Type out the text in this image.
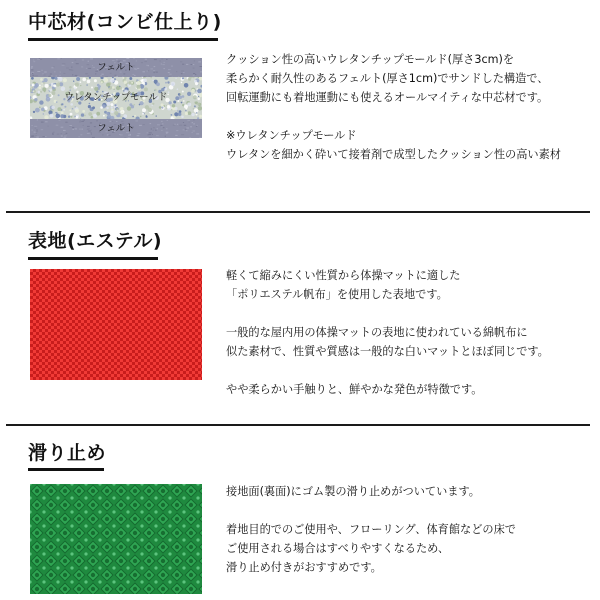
中芯材(コンビ仕上り)
フェルト
ウレタンチップモールド
フェルト

クッション性の高いウレタンチップモールド(厚さ3cm)を

柔らかく耐久性のあるフェルト(厚さ1cm)でサンドした構造で、

回転運動にも着地運動にも使えるオールマイティな中芯材です。

※ウレタンチップモールド

ウレタンを細かく砕いて接着剤で成型したクッション性の高い素材

表地(エステル)

軽くて縮みにくい性質から体操マットに適した

「ポリエステル帆布」を使用した表地です。

一般的な屋内用の体操マットの表地に使われている綿帆布に

似た素材で、性質や質感は一般的な白いマットとほぼ同じです。

やや柔らかい手触りと、鮮やかな発色が特徴です。

滑り止め

接地面(裏面)にゴム製の滑り止めがついています。

着地目的でのご使用や、フローリング、体育館などの床で

ご使用される場合はすべりやすくなるため、

滑り止め付きがおすすめです。
